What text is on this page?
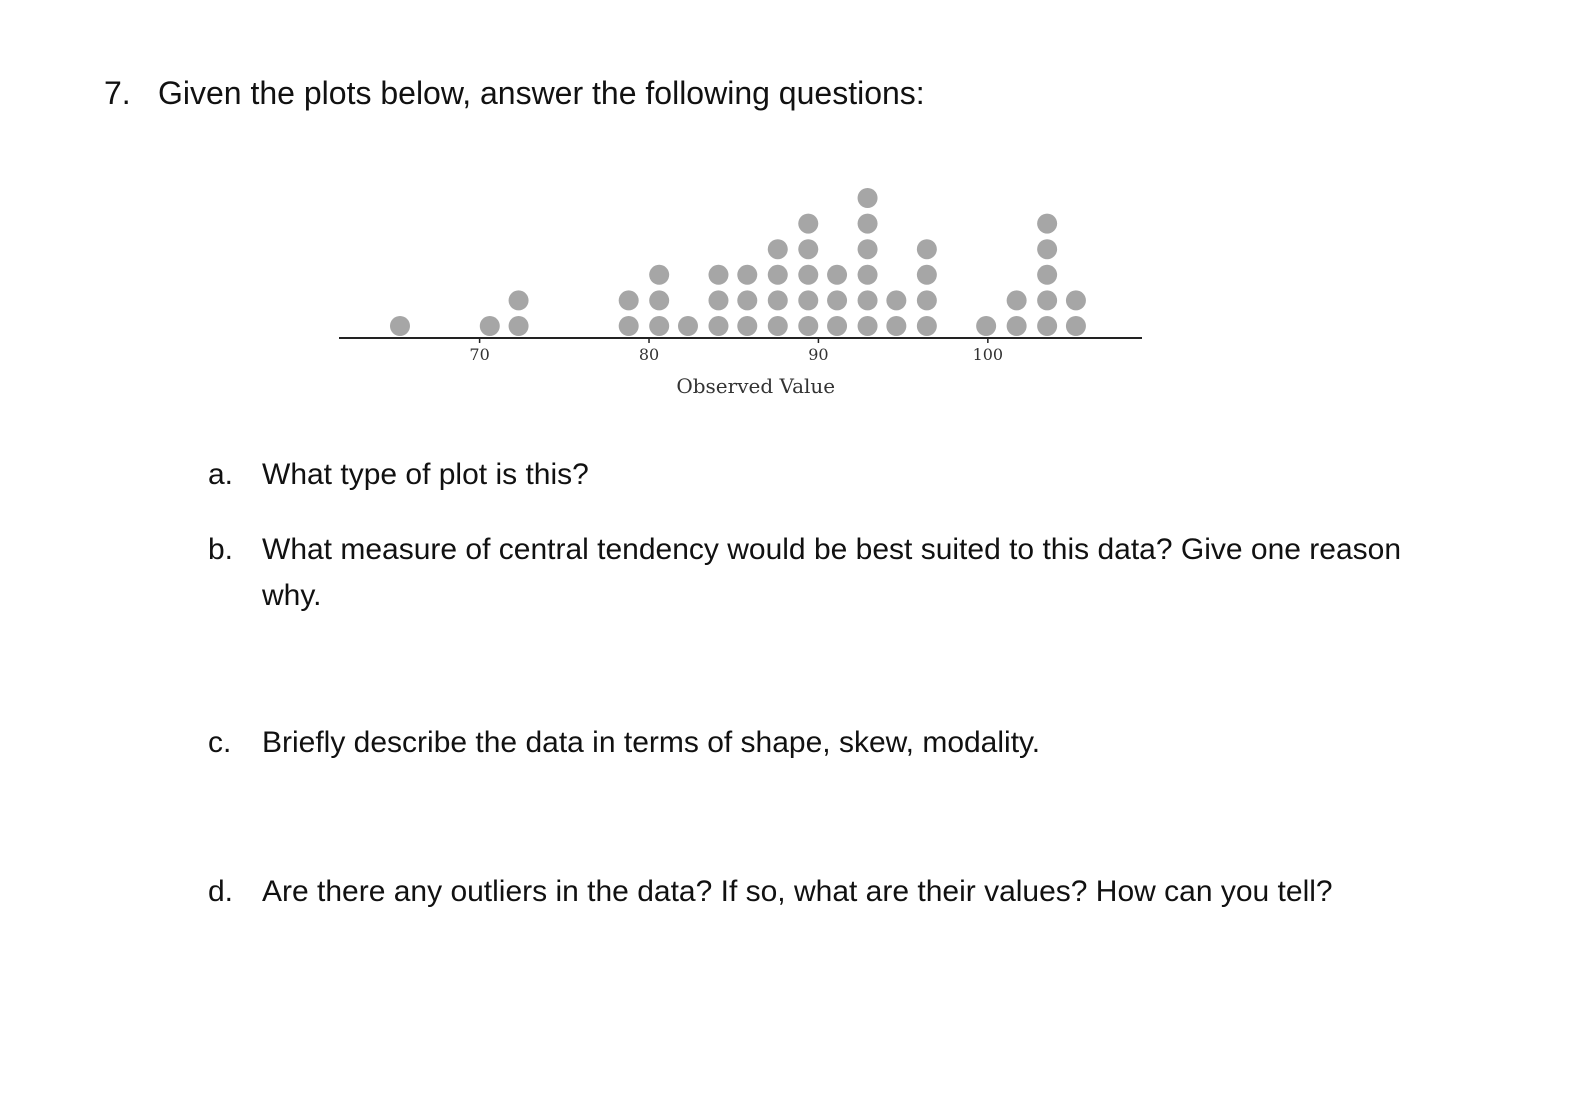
7. Given the plots below, answer the following questions:
70	80	90	100
Observed Value
a. What type of plot is this?
b. What measure of central tendency would be best suited to this data? Give one reason why.
c.	Briefly describe the data in terms of shape, skew, modality.
d. Are there any outliers in the data? If so, what are their values? How can you tell?
